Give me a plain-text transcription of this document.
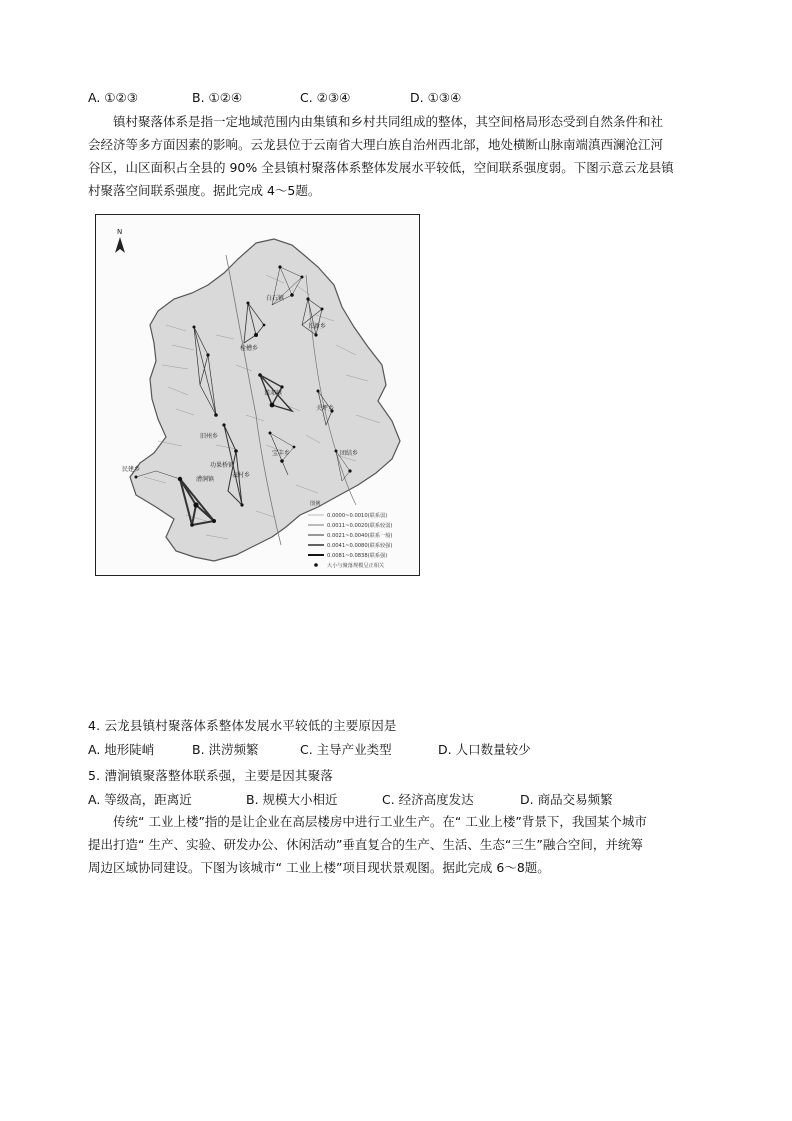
A. ①②③	B. ①②④	C. ②③④	D. ①③④
镇村聚落体系是指一定地域范围内由集镇和乡村共同组成的整体，其空间格局形态受到自然条件和社
会经济等多方面因素的影响。云龙县位于云南省大理白族自治州西北部，地处横断山脉南端滇西澜沧江河
谷区，山区面积占全县的 90% 全县镇村聚落体系整体发展水平较低，空间联系强度弱。下图示意云龙县镇
村聚落空间联系强度。据此完成 4～5题。
N
白石镇
长新乡
检槽乡
诺邓镇
关坪乡
旧州乡
团结乡
宝丰乡
功果桥镇
民建乡
漕涧镇
表村乡
图例
0.0000~0.0010(联系弱)
0.0011~0.0020(联系较弱)
0.0021~0.0040(联系一般)
0.0041~0.0080(联系较强)
0.0081~0.0838(联系强)
大小与聚落规模呈正相关
4. 云龙县镇村聚落体系整体发展水平较低的主要原因是
A. 地形陡峭	B. 洪涝频繁	C. 主导产业类型	D. 人口数量较少
5. 漕涧镇聚落整体联系强，主要是因其聚落
A. 等级高，距离近	B. 规模大小相近	C. 经济高度发达	D. 商品交易频繁
传统“ 工业上楼”指的是让企业在高层楼房中进行工业生产。在“ 工业上楼”背景下，我国某个城市
提出打造“ 生产、实验、研发办公、休闲活动”垂直复合的生产、生活、生态“三生”融合空间，并统筹
周边区域协同建设。下图为该城市“ 工业上楼”项目现状景观图。据此完成 6～8题。
